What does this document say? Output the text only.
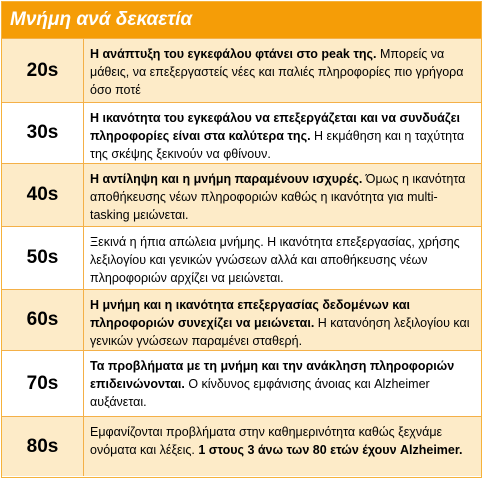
Μνήμη ανά δεκαετία
20s
Η ανάπτυξη του εγκεφάλου φτάνει στο peak της. Μπορείς να μάθεις, να επεξεργαστείς νέες και παλιές πληροφορίες πιο γρήγορα όσο ποτέ
30s
Η ικανότητα του εγκεφάλου να επεξεργάζεται και να συνδυάζει πληροφορίες είναι στα καλύτερα της. Η εκμάθηση και η ταχύτητα της σκέψης ξεκινούν να φθίνουν.
40s
Η αντίληψη και η μνήμη παραμένουν ισχυρές. Όμως η ικανότητα αποθήκευσης νέων πληροφοριών καθώς η ικανότητα για multi-tasking μειώνεται.
50s
Ξεκινά η ήπια απώλεια μνήμης. Η ικανότητα επεξεργασίας, χρήσης λεξιλογίου και γενικών γνώσεων αλλά και αποθήκευσης νέων πληροφοριών αρχίζει να μειώνεται.
60s
Η μνήμη και η ικανότητα επεξεργασίας δεδομένων και πληροφοριών συνεχίζει να μειώνεται. Η κατανόηση λεξιλογίου και γενικών γνώσεων παραμένει σταθερή.
70s
Τα προβλήματα με τη μνήμη και την ανάκληση πληροφοριών επιδεινώνονται. Ο κίνδυνος εμφάνισης άνοιας και Alzheimer αυξάνεται.
80s
Εμφανίζονται προβλήματα στην καθημερινότητα καθώς ξεχνάμε ονόματα και λέξεις. 1 στους 3 άνω των 80 ετών έχουν Alzheimer.
